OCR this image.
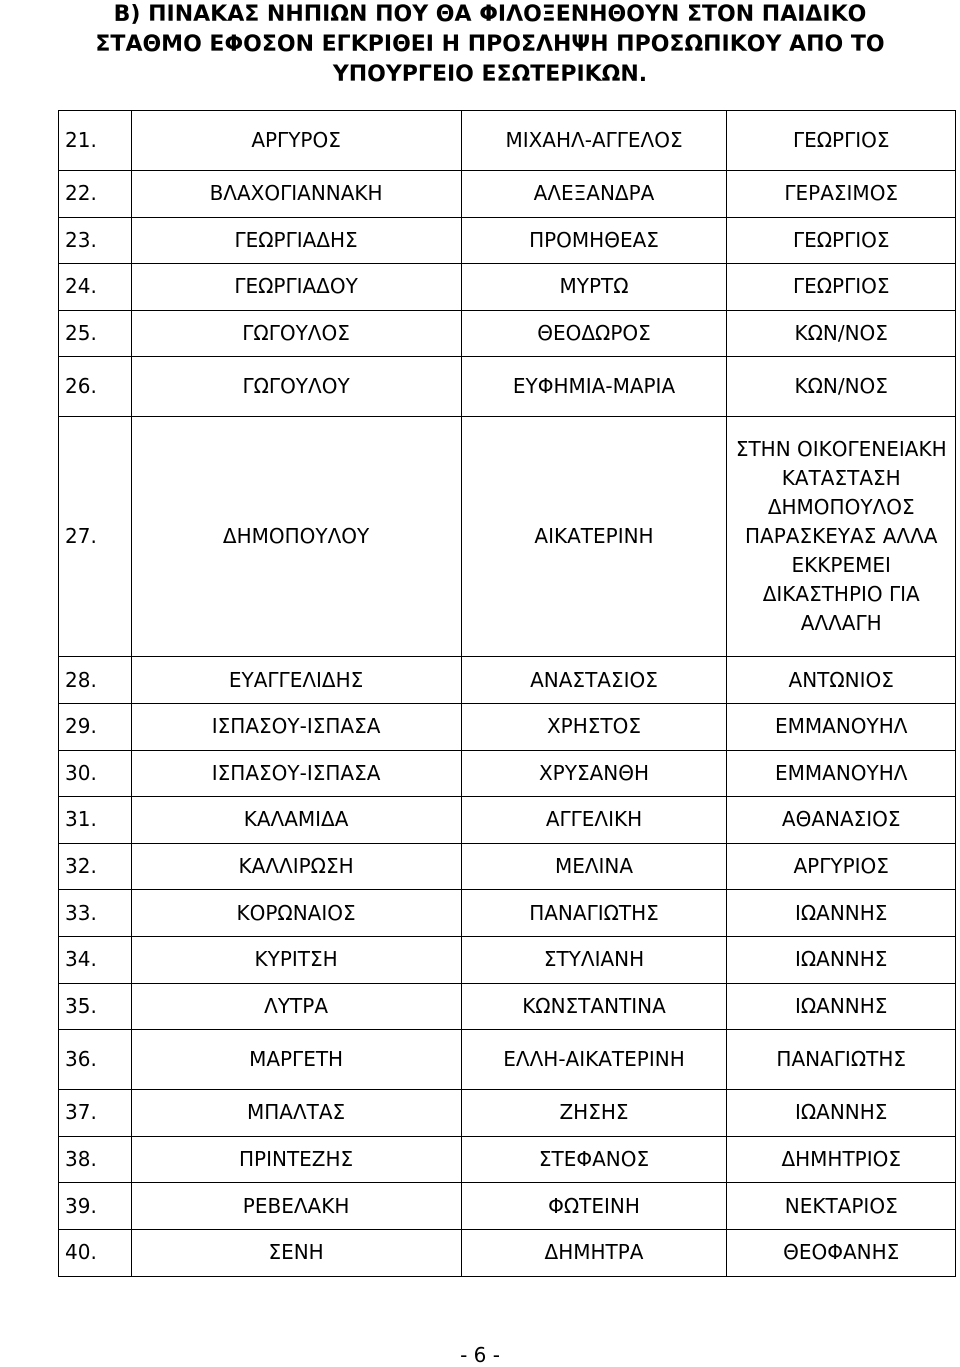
Β) ΠΙΝΑΚΑΣ ΝΗΠΙΩΝ ΠΟΥ ΘΑ ΦΙΛΟΞΕΝΗΘΟΥΝ ΣΤΟΝ ΠΑΙΔΙΚΟ
ΣΤΑΘΜΟ ΕΦΟΣΟΝ ΕΓΚΡΙΘΕΙ Η ΠΡΟΣΛΗΨΗ ΠΡΟΣΩΠΙΚΟΥ ΑΠΟ ΤΟ
ΥΠΟΥΡΓΕΙΟ ΕΣΩΤΕΡΙΚΩΝ.
21.	ΑΡΓΥΡΟΣ	ΜΙΧΑΗΛ-ΑΓΓΕΛΟΣ	ΓΕΩΡΓΙΟΣ
22.	ΒΛΑΧΟΓΙΑΝΝΑΚΗ	ΑΛΕΞΑΝΔΡΑ	ΓΕΡΑΣΙΜΟΣ
23.	ΓΕΩΡΓΙΑΔΗΣ	ΠΡΟΜΗΘΕΑΣ	ΓΕΩΡΓΙΟΣ
24.	ΓΕΩΡΓΙΑΔΟΥ	ΜΥΡΤΩ	ΓΕΩΡΓΙΟΣ
25.	ΓΩΓΟΥΛΟΣ	ΘΕΟΔΩΡΟΣ	ΚΩΝ/ΝΟΣ
26.	ΓΩΓΟΥΛΟΥ	ΕΥΦΗΜΙΑ-ΜΑΡΙΑ	ΚΩΝ/ΝΟΣ
27.	ΔΗΜΟΠΟΥΛΟΥ	ΑΙΚΑΤΕΡΙΝΗ	ΣΤΗΝ ΟΙΚΟΓΕΝΕΙΑΚΗ ΚΑΤΑΣΤΑΣΗ ΔΗΜΟΠΟΥΛΟΣ ΠΑΡΑΣΚΕΥΑΣ ΑΛΛΑ ΕΚΚΡΕΜΕΙ ΔΙΚΑΣΤΗΡΙΟ ΓΙΑ ΑΛΛΑΓΗ
28.	ΕΥΑΓΓΕΛΙΔΗΣ	ΑΝΑΣΤΑΣΙΟΣ	ΑΝΤΩΝΙΟΣ
29.	ΙΣΠΑΣΟΥ-ΙΣΠΑΣΑ	ΧΡΗΣΤΟΣ	ΕΜΜΑΝΟΥΗΛ
30.	ΙΣΠΑΣΟΥ-ΙΣΠΑΣΑ	ΧΡΥΣΑΝΘΗ	ΕΜΜΑΝΟΥΗΛ
31.	ΚΑΛΑΜΙΔΑ	ΑΓΓΕΛΙΚΗ	ΑΘΑΝΑΣΙΟΣ
32.	ΚΑΛΛΙΡΩΣΗ	ΜΕΛΙΝΑ	ΑΡΓΥΡΙΟΣ
33.	ΚΟΡΩΝΑΙΟΣ	ΠΑΝΑΓΙΩΤΗΣ	ΙΩΑΝΝΗΣ
34.	ΚΥΡΙΤΣΗ	ΣΤΥΛΙΑΝΗ	ΙΩΑΝΝΗΣ
35.	ΛΥΤΡΑ	ΚΩΝΣΤΑΝΤΙΝΑ	ΙΩΑΝΝΗΣ
36.	ΜΑΡΓΕΤΗ	ΕΛΛΗ-ΑΙΚΑΤΕΡΙΝΗ	ΠΑΝΑΓΙΩΤΗΣ
37.	ΜΠΑΛΤΑΣ	ΖΗΣΗΣ	ΙΩΑΝΝΗΣ
38.	ΠΡΙΝΤΕΖΗΣ	ΣΤΕΦΑΝΟΣ	ΔΗΜΗΤΡΙΟΣ
39.	ΡΕΒΕΛΑΚΗ	ΦΩΤΕΙΝΗ	ΝΕΚΤΑΡΙΟΣ
40.	ΣΕΝΗ	ΔΗΜΗΤΡΑ	ΘΕΟΦΑΝΗΣ
- 6 -
